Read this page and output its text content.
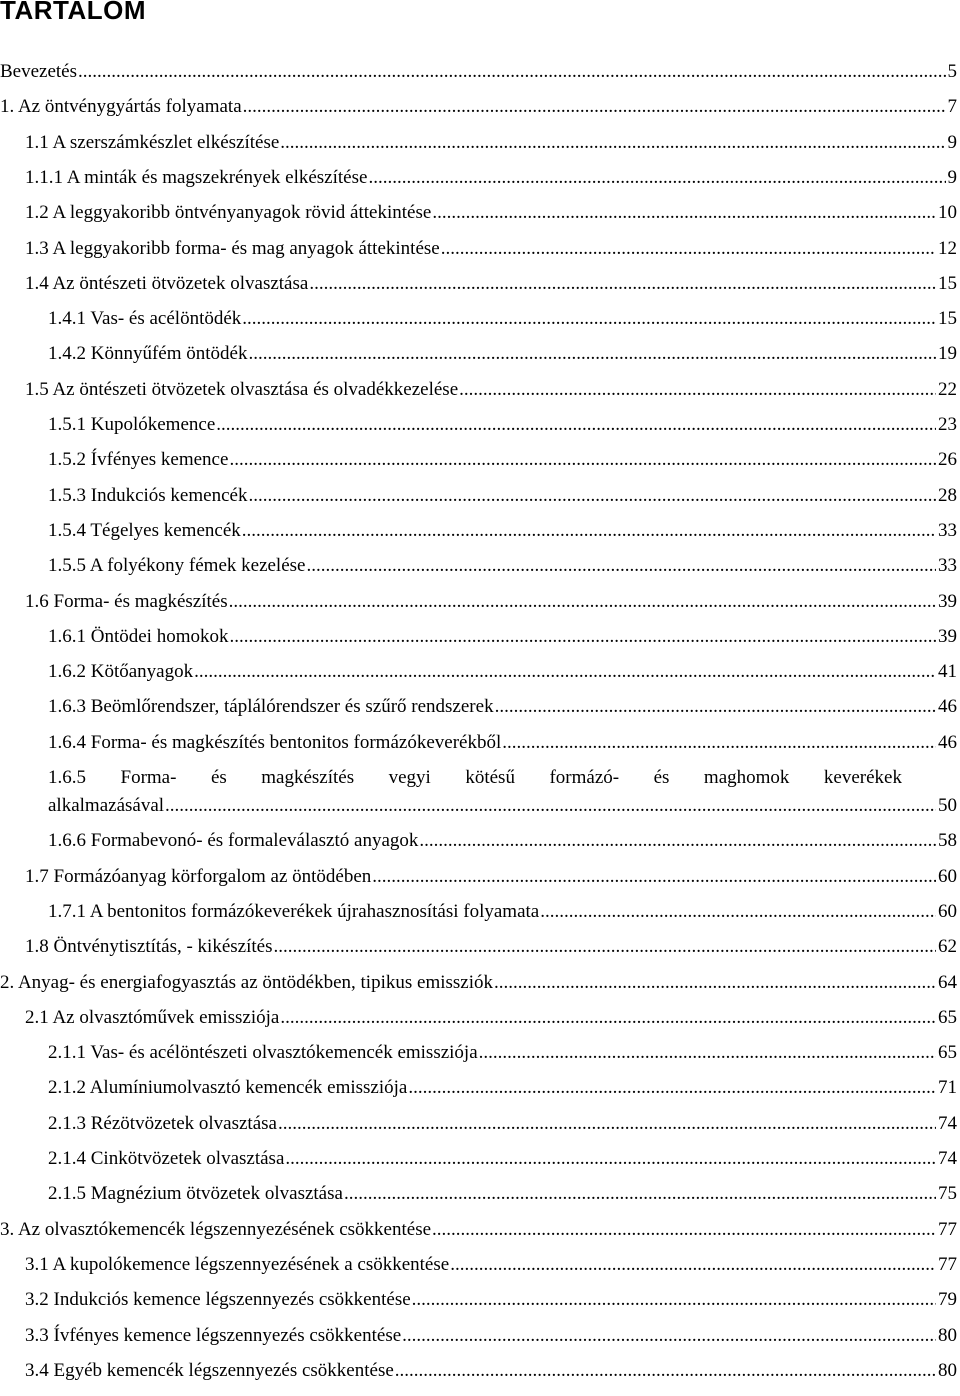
TARTALOM
Bevezetés .....	5
1. Az öntvénygyártás folyamata .....	7
1.1 A szerszámkészlet elkészítése .....	9
1.1.1 A minták és magszekrények elkészítése .....	9
1.2 A leggyakoribb öntvényanyagok rövid áttekintése .....	10
1.3 A leggyakoribb forma- és mag anyagok áttekintése .....	12
1.4 Az öntészeti ötvözetek olvasztása .....	15
1.4.1 Vas- és acélöntödék .....	15
1.4.2 Könnyűfém öntödék .....	19
1.5 Az öntészeti ötvözetek olvasztása és olvadékkezelése .....	22
1.5.1 Kupolókemence .....	23
1.5.2 Ívfényes kemence .....	26
1.5.3 Indukciós kemencék .....	28
1.5.4 Tégelyes kemencék .....	33
1.5.5 A folyékony fémek kezelése .....	33
1.6 Forma- és magkészítés .....	39
1.6.1 Öntödei homokok .....	39
1.6.2 Kötőanyagok .....	41
1.6.3 Beömlőrendszer, táplálórendszer és szűrő rendszerek .....	46
1.6.4 Forma- és magkészítés bentonitos formázókeverékből .....	46
1.6.5 Forma- és magkészítés vegyi kötésű formázó- és maghomok keverékek
alkalmazásával .....	50
1.6.6 Formabevonó- és formaleválasztó anyagok .....	58
1.7 Formázóanyag körforgalom az öntödében .....	60
1.7.1 A bentonitos formázókeverékek újrahasznosítási folyamata .....	60
1.8 Öntvénytisztítás, - kikészítés .....	62
2. Anyag- és energiafogyasztás az öntödékben, tipikus emissziók .....	64
2.1 Az olvasztóművek emissziója .....	65
2.1.1 Vas- és acélöntészeti olvasztókemencék emissziója .....	65
2.1.2 Alumíniumolvasztó kemencék emissziója .....	71
2.1.3 Rézötvözetek olvasztása .....	74
2.1.4 Cinkötvözetek olvasztása .....	74
2.1.5 Magnézium ötvözetek olvasztása .....	75
3. Az olvasztókemencék légszennyezésének csökkentése .....	77
3.1 A kupolókemence légszennyezésének a csökkentése .....	77
3.2 Indukciós kemence légszennyezés csökkentése .....	79
3.3 Ívfényes kemence légszennyezés csökkentése .....	80
3.4 Egyéb kemencék légszennyezés csökkentése .....	80
